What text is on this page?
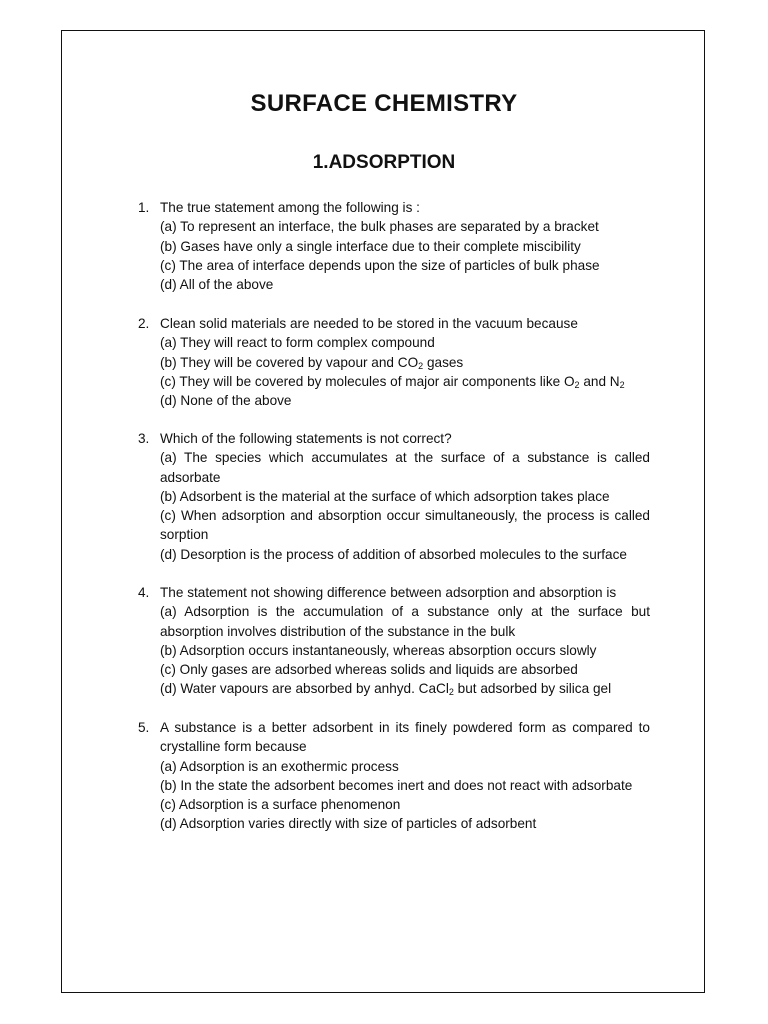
SURFACE CHEMISTRY
1.ADSORPTION
1. The true statement among the following is :
(a) To represent an interface, the bulk phases are separated by a bracket
(b) Gases have only a single interface due to their complete miscibility
(c) The area of interface depends upon the size of particles of bulk phase
(d) All of the above
2. Clean solid materials are needed to be stored in the vacuum because
(a) They will react to form complex compound
(b) They will be covered by vapour and $CO_2$ gases
(c) They will be covered by molecules of major air components like $O_2$ and $N_2$
(d) None of the above
3. Which of the following statements is not correct?
(a) The species which accumulates at the surface of a substance is called adsorbate
(b) Adsorbent is the material at the surface of which adsorption takes place
(c) When adsorption and absorption occur simultaneously, the process is called sorption
(d) Desorption is the process of addition of absorbed molecules to the surface
4. The statement not showing difference between adsorption and absorption is
(a) Adsorption is the accumulation of a substance only at the surface but absorption involves distribution of the substance in the bulk
(b) Adsorption occurs instantaneously, whereas absorption occurs slowly
(c) Only gases are adsorbed whereas solids and liquids are absorbed
(d) Water vapours are absorbed by anhyd. CaCl$_2$ but adsorbed by silica gel
5. A substance is a better adsorbent in its finely powdered form as compared to crystalline form because
(a) Adsorption is an exothermic process
(b) In the state the adsorbent becomes inert and does not react with adsorbate
(c) Adsorption is a surface phenomenon
(d) Adsorption varies directly with size of particles of adsorbent
